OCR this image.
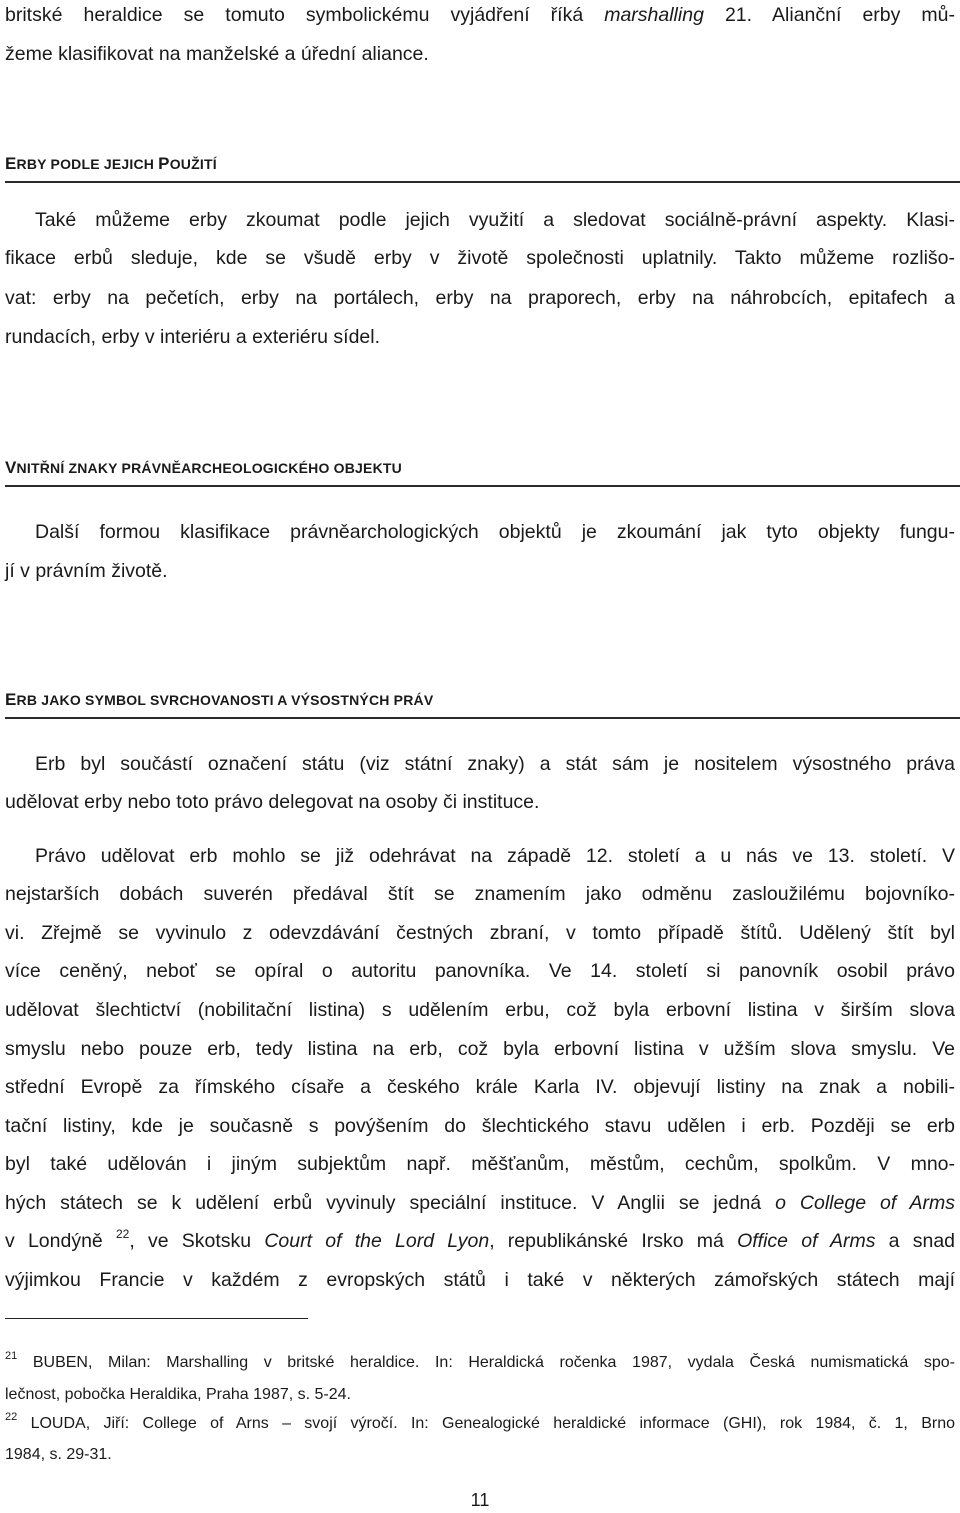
britské heraldice se tomuto symbolickému vyjádření říká marshalling 21. Alianční erby mů-
žeme klasifikovat na manželské a úřední aliance.
ERBY PODLE JEJICH POUŽITÍ
Také můžeme erby zkoumat podle jejich využití a sledovat sociálně-právní aspekty. Klasi-
fikace erbů sleduje, kde se všudě erby v životě společnosti uplatnily. Takto můžeme rozlišo-
vat: erby na pečetích, erby na portálech, erby na praporech, erby na náhrobcích, epitafech a
rundacích, erby v interiéru a exteriéru sídel.
VNITŘNÍ ZNAKY PRÁVNĚARCHEOLOGICKÉHO OBJEKTU
Další formou klasifikace právněarchologických objektů je zkoumání jak tyto objekty fungu-
jí v právním životě.
ERB JAKO SYMBOL SVRCHOVANOSTI A VÝSOSTNÝCH PRÁV
Erb byl součástí označení státu (viz státní znaky) a stát sám je nositelem výsostného práva
udělovat erby nebo toto právo delegovat na osoby či instituce.
Právo udělovat erb mohlo se již odehrávat na západě 12. století a u nás ve 13. století. V
nejstarších dobách suverén předával štít se znamením jako odměnu zasloužilému bojovníko-
vi. Zřejmě se vyvinulo z odevzdávání čestných zbraní, v tomto případě štítů. Udělený štít byl
více ceněný, neboť se opíral o autoritu panovníka. Ve 14. století si panovník osobil právo
udělovat šlechtictví (nobilitační listina) s udělením erbu, což byla erbovní listina v širším slova
smyslu nebo pouze erb, tedy listina na erb, což byla erbovní listina v užším slova smyslu. Ve
střední Evropě za římského císaře a českého krále Karla IV. objevují listiny na znak a nobili-
tační listiny, kde je současně s povýšením do šlechtického stavu udělen i erb. Později se erb
byl také udělován i jiným subjektům např. měšťanům, městům, cechům, spolkům. V mno-
hých státech se k udělení erbů vyvinuly speciální instituce. V Anglii se jedná o College of Arms
v Londýně $^{22}$, ve Skotsku Court of the Lord Lyon, republikánské Irsko má Office of Arms a snad
výjimkou Francie v každém z evropských států i také v některých zámořských státech mají
$^{21}$ BUBEN, Milan: Marshalling v britské heraldice. In: Heraldická ročenka 1987, vydala Česká numismatická spo-
lečnost, pobočka Heraldika, Praha 1987, s. 5-24.
$^{22}$ LOUDA, Jiří: College of Arns – svojí výročí. In: Genealogické heraldické informace (GHI), rok 1984, č. 1, Brno
1984, s. 29-31.
11
